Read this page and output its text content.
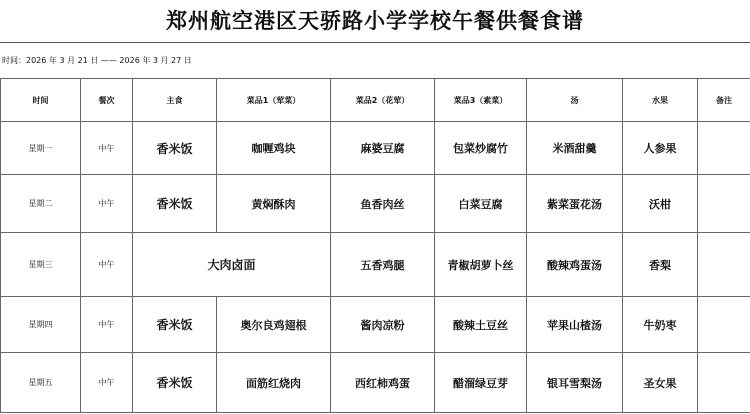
郑州航空港区天骄路小学学校午餐供餐食谱
时间：2026 年 3 月 21 日 —— 2026 年 3 月 27 日
时间	餐次	主食	菜品1（荤菜）	菜品2（花荤）	菜品3（素菜）	汤	水果	备注
星期一	中午	香米饭	咖喱鸡块	麻婆豆腐	包菜炒腐竹	米酒甜羹	人参果	
星期二	中午	香米饭	黄焖酥肉	鱼香肉丝	白菜豆腐	紫菜蛋花汤	沃柑	
星期三	中午	大肉卤面		五香鸡腿	青椒胡萝卜丝	酸辣鸡蛋汤	香梨	
星期四	中午	香米饭	奥尔良鸡翅根	酱肉凉粉	酸辣土豆丝	苹果山楂汤	牛奶枣	
星期五	中午	香米饭	面筋红烧肉	西红柿鸡蛋	醋溜绿豆芽	银耳雪梨汤	圣女果	
